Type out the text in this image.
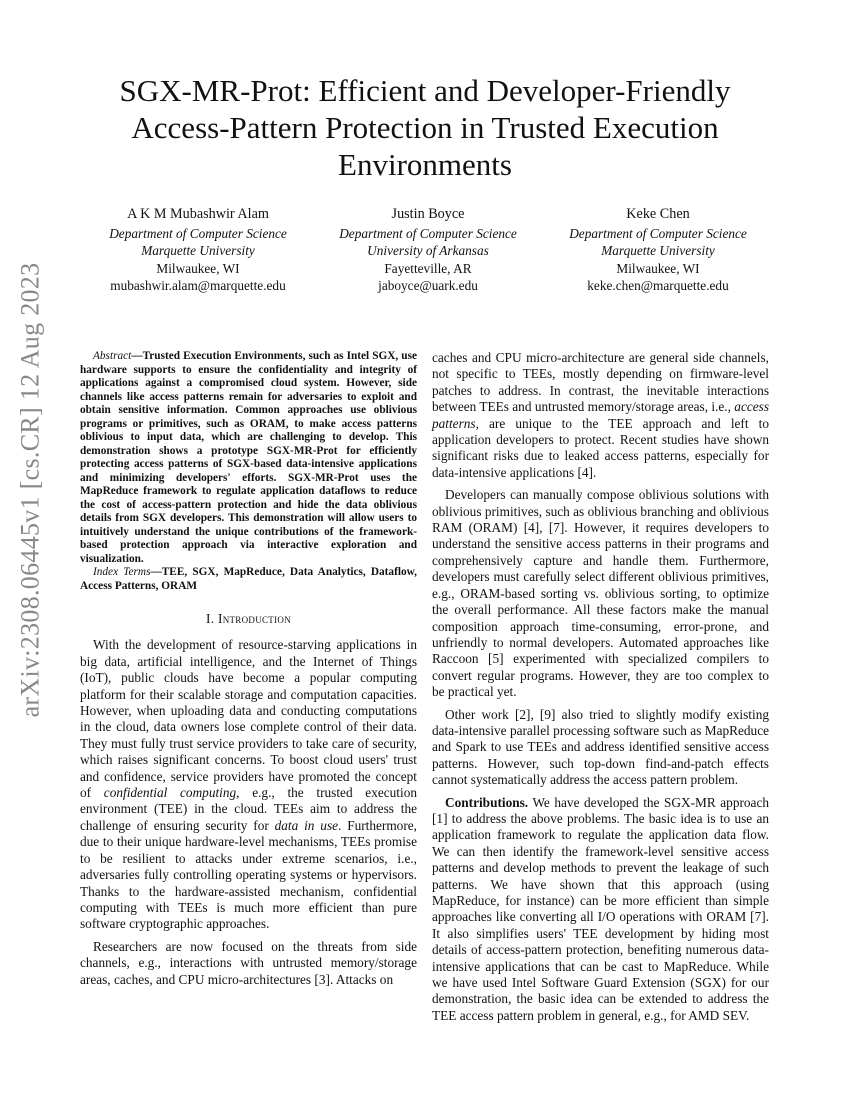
arXiv:2308.06445v1 [cs.CR] 12 Aug 2023
SGX-MR-Prot: Efficient and Developer-Friendly Access-Pattern Protection in Trusted Execution Environments
A K M Mubashwir Alam
Department of Computer Science
Marquette University
Milwaukee, WI
mubashwir.alam@marquette.edu
Justin Boyce
Department of Computer Science
University of Arkansas
Fayetteville, AR
jaboyce@uark.edu
Keke Chen
Department of Computer Science
Marquette University
Milwaukee, WI
keke.chen@marquette.edu

Abstract—Trusted Execution Environments, such as Intel SGX, use hardware supports to ensure the confidentiality and integrity of applications against a compromised cloud system. However, side channels like access patterns remain for adversaries to exploit and obtain sensitive information. Common approaches use oblivious programs or primitives, such as ORAM, to make access patterns oblivious to input data, which are challenging to develop. This demonstration shows a prototype SGX-MR-Prot for efficiently protecting access patterns of SGX-based data-intensive applications and minimizing developers' efforts. SGX-MR-Prot uses the MapReduce framework to regulate application dataflows to reduce the cost of access-pattern protection and hide the data oblivious details from SGX developers. This demonstration will allow users to intuitively understand the unique contributions of the framework-based protection approach via interactive exploration and visualization.

Index Terms—TEE, SGX, MapReduce, Data Analytics, Dataflow, Access Patterns, ORAM

I. Introduction

With the development of resource-starving applications in big data, artificial intelligence, and the Internet of Things (IoT), public clouds have become a popular computing platform for their scalable storage and computation capacities. However, when uploading data and conducting computations in the cloud, data owners lose complete control of their data. They must fully trust service providers to take care of security, which raises significant concerns. To boost cloud users' trust and confidence, service providers have promoted the concept of confidential computing, e.g., the trusted execution environment (TEE) in the cloud. TEEs aim to address the challenge of ensuring security for data in use. Furthermore, due to their unique hardware-level mechanisms, TEEs promise to be resilient to attacks under extreme scenarios, i.e., adversaries fully controlling operating systems or hypervisors. Thanks to the hardware-assisted mechanism, confidential computing with TEEs is much more efficient than pure software cryptographic approaches.

Researchers are now focused on the threats from side channels, e.g., interactions with untrusted memory/storage areas, caches, and CPU micro-architectures [3]. Attacks on

caches and CPU micro-architecture are general side channels, not specific to TEEs, mostly depending on firmware-level patches to address. In contrast, the inevitable interactions between TEEs and untrusted memory/storage areas, i.e., access patterns, are unique to the TEE approach and left to application developers to protect. Recent studies have shown significant risks due to leaked access patterns, especially for data-intensive applications [4].

Developers can manually compose oblivious solutions with oblivious primitives, such as oblivious branching and oblivious RAM (ORAM) [4], [7]. However, it requires developers to understand the sensitive access patterns in their programs and comprehensively capture and handle them. Furthermore, developers must carefully select different oblivious primitives, e.g., ORAM-based sorting vs. oblivious sorting, to optimize the overall performance. All these factors make the manual composition approach time-consuming, error-prone, and unfriendly to normal developers. Automated approaches like Raccoon [5] experimented with specialized compilers to convert regular programs. However, they are too complex to be practical yet.

Other work [2], [9] also tried to slightly modify existing data-intensive parallel processing software such as MapReduce and Spark to use TEEs and address identified sensitive access patterns. However, such top-down find-and-patch effects cannot systematically address the access pattern problem.

Contributions. We have developed the SGX-MR approach [1] to address the above problems. The basic idea is to use an application framework to regulate the application data flow. We can then identify the framework-level sensitive access patterns and develop methods to prevent the leakage of such patterns. We have shown that this approach (using MapReduce, for instance) can be more efficient than simple approaches like converting all I/O operations with ORAM [7]. It also simplifies users' TEE development by hiding most details of access-pattern protection, benefiting numerous data-intensive applications that can be cast to MapReduce. While we have used Intel Software Guard Extension (SGX) for our demonstration, the basic idea can be extended to address the TEE access pattern problem in general, e.g., for AMD SEV.
